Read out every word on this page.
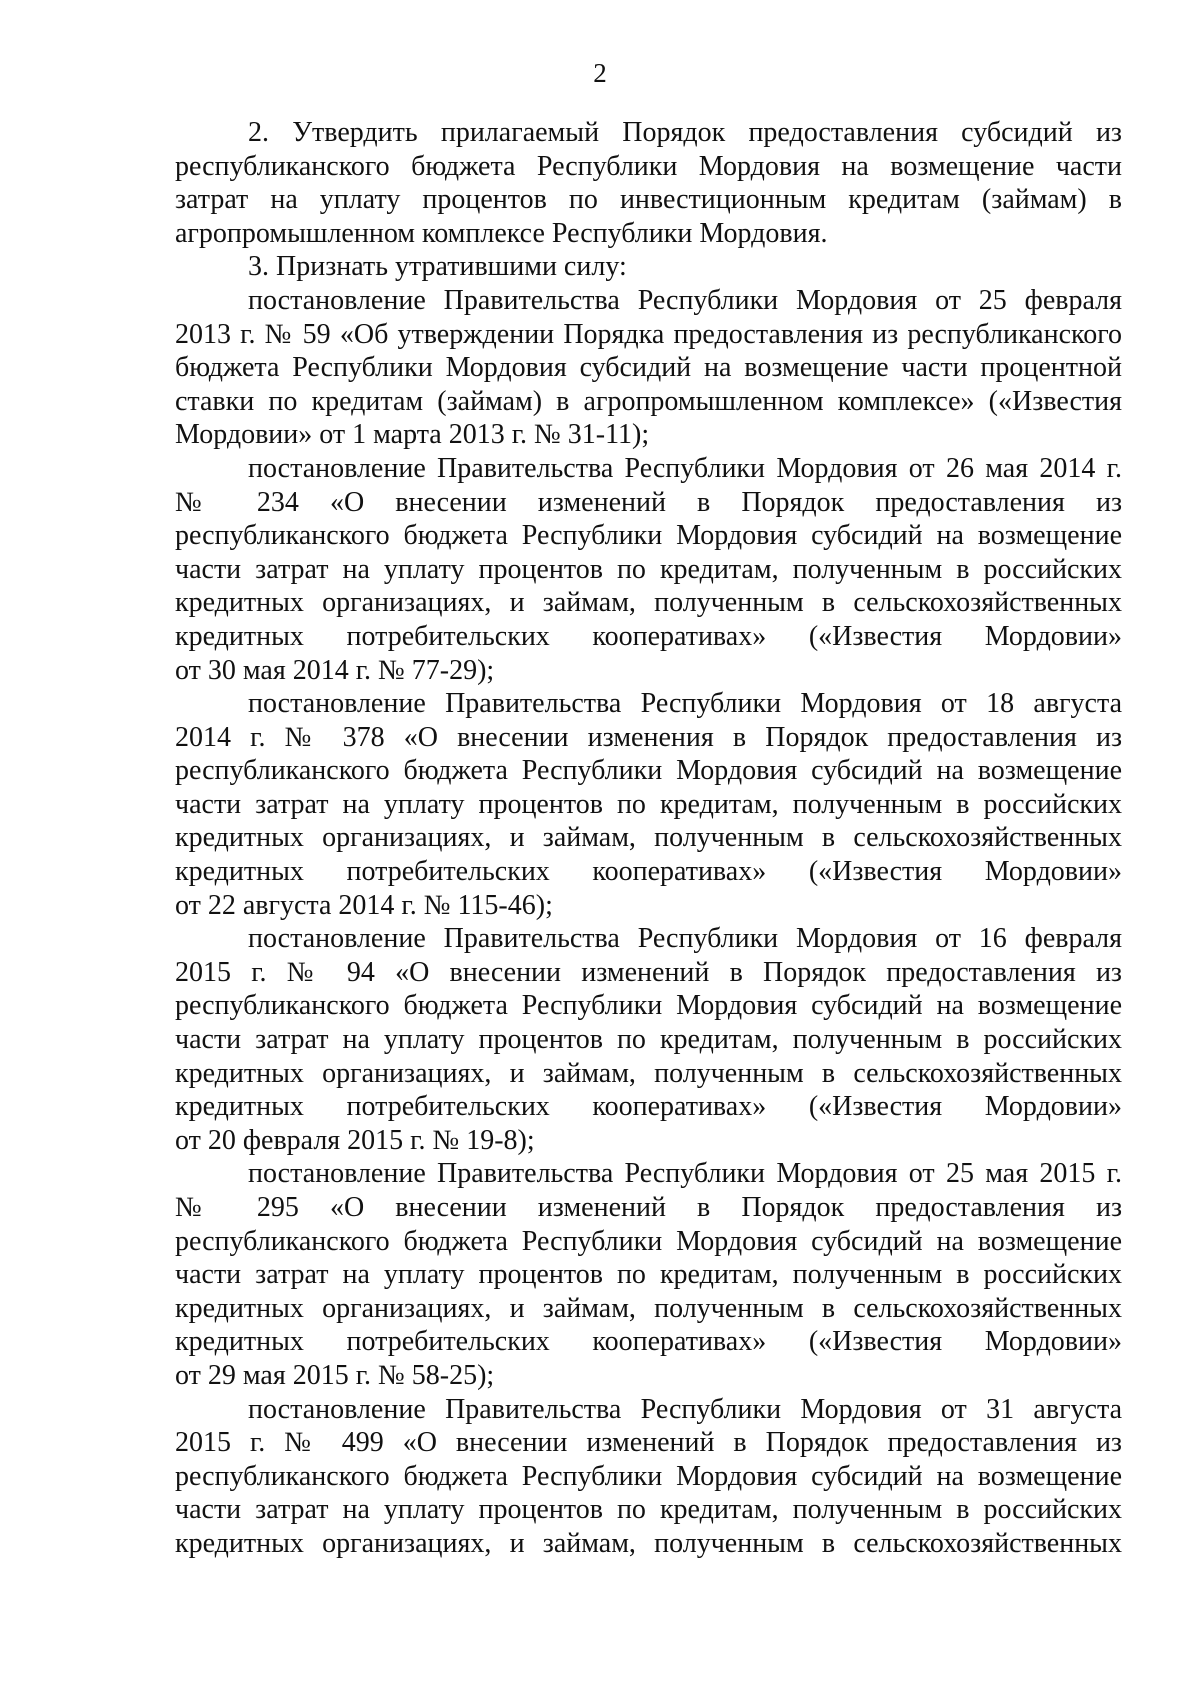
2
2. Утвердить прилагаемый Порядок предоставления субсидий из
республиканского бюджета Республики Мордовия на возмещение части
затрат на уплату процентов по инвестиционным кредитам (займам) в
агропромышленном комплексе Республики Мордовия.
3. Признать утратившими силу:
постановление Правительства Республики Мордовия от 25 февраля
2013 г. № 59 «Об утверждении Порядка предоставления из республиканского
бюджета Республики Мордовия субсидий на возмещение части процентной
ставки по кредитам (займам) в агропромышленном комплексе» («Известия
Мордовии» от 1 марта 2013 г. № 31-11);
постановление Правительства Республики Мордовия от 26 мая 2014 г.
№ 234 «О внесении изменений в Порядок предоставления из
республиканского бюджета Республики Мордовия субсидий на возмещение
части затрат на уплату процентов по кредитам, полученным в российских
кредитных организациях, и займам, полученным в сельскохозяйственных
кредитных потребительских кооперативах» («Известия Мордовии»
от 30 мая 2014 г. № 77-29);
постановление Правительства Республики Мордовия от 18 августа
2014 г. № 378 «О внесении изменения в Порядок предоставления из
республиканского бюджета Республики Мордовия субсидий на возмещение
части затрат на уплату процентов по кредитам, полученным в российских
кредитных организациях, и займам, полученным в сельскохозяйственных
кредитных потребительских кооперативах» («Известия Мордовии»
от 22 августа 2014 г. № 115-46);
постановление Правительства Республики Мордовия от 16 февраля
2015 г. № 94 «О внесении изменений в Порядок предоставления из
республиканского бюджета Республики Мордовия субсидий на возмещение
части затрат на уплату процентов по кредитам, полученным в российских
кредитных организациях, и займам, полученным в сельскохозяйственных
кредитных потребительских кооперативах» («Известия Мордовии»
от 20 февраля 2015 г. № 19-8);
постановление Правительства Республики Мордовия от 25 мая 2015 г.
№ 295 «О внесении изменений в Порядок предоставления из
республиканского бюджета Республики Мордовия субсидий на возмещение
части затрат на уплату процентов по кредитам, полученным в российских
кредитных организациях, и займам, полученным в сельскохозяйственных
кредитных потребительских кооперативах» («Известия Мордовии»
от 29 мая 2015 г. № 58-25);
постановление Правительства Республики Мордовия от 31 августа
2015 г. № 499 «О внесении изменений в Порядок предоставления из
республиканского бюджета Республики Мордовия субсидий на возмещение
части затрат на уплату процентов по кредитам, полученным в российских
кредитных организациях, и займам, полученным в сельскохозяйственных
